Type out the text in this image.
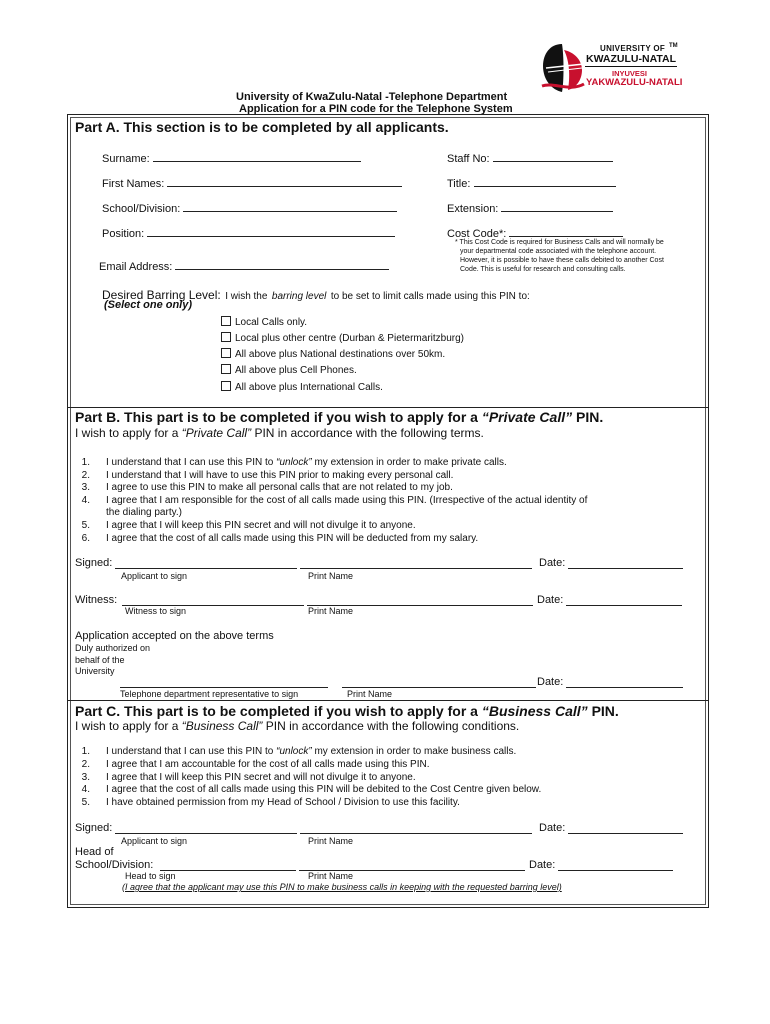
UNIVERSITY OF TM
KWAZULU-NATAL
INYUVESI
YAKWAZULU-NATALI
University of KwaZulu-Natal -Telephone Department
Application for a PIN code for the Telephone System
Part A. This section is to be completed by all applicants.
Surname:	Staff No:
First Names:	Title:
School/Division:	Extension:
Position:	Cost Code*:
* This Cost Code is required for Business Calls and will normally be
your departmental code associated with the telephone account.
However, it is possible to have these calls debited to another Cost
Code. This is useful for research and consulting calls.
Email Address:
Desired Barring Level: I wish the barring level to be set to limit calls made using this PIN to:
(Select one only)
Local Calls only.
Local plus other centre (Durban & Pietermaritzburg)
All above plus National destinations over 50km.
All above plus Cell Phones.
All above plus International Calls.
Part B. This part is to be completed if you wish to apply for a “Private Call” PIN.
I wish to apply for a “Private Call” PIN in accordance with the following terms.
1. I understand that I can use this PIN to “unlock” my extension in order to make private calls.
2. I understand that I will have to use this PIN prior to making every personal call.
3. I agree to use this PIN to make all personal calls that are not related to my job.
4. I agree that I am responsible for the cost of all calls made using this PIN. (Irrespective of the actual identity of
the dialing party.)
5. I agree that I will keep this PIN secret and will not divulge it to anyone.
6. I agree that the cost of all calls made using this PIN will be deducted from my salary.
Signed:	Date:
Applicant to sign	Print Name
Witness:	Date:
Witness to sign	Print Name
Application accepted on the above terms
Duly authorized on
behalf of the
University
Date:
Telephone department representative to sign	Print Name
Part C. This part is to be completed if you wish to apply for a “Business Call” PIN.
I wish to apply for a “Business Call” PIN in accordance with the following conditions.
1. I understand that I can use this PIN to “unlock” my extension in order to make business calls.
2. I agree that I am accountable for the cost of all calls made using this PIN.
3. I agree that I will keep this PIN secret and will not divulge it to anyone.
4. I agree that the cost of all calls made using this PIN will be debited to the Cost Centre given below.
5. I have obtained permission from my Head of School / Division to use this facility.
Signed:	Date:
Applicant to sign	Print Name
Head of
School/Division:	Date:
Head to sign	Print Name
(I agree that the applicant may use this PIN to make business calls in keeping with the requested barring level)
